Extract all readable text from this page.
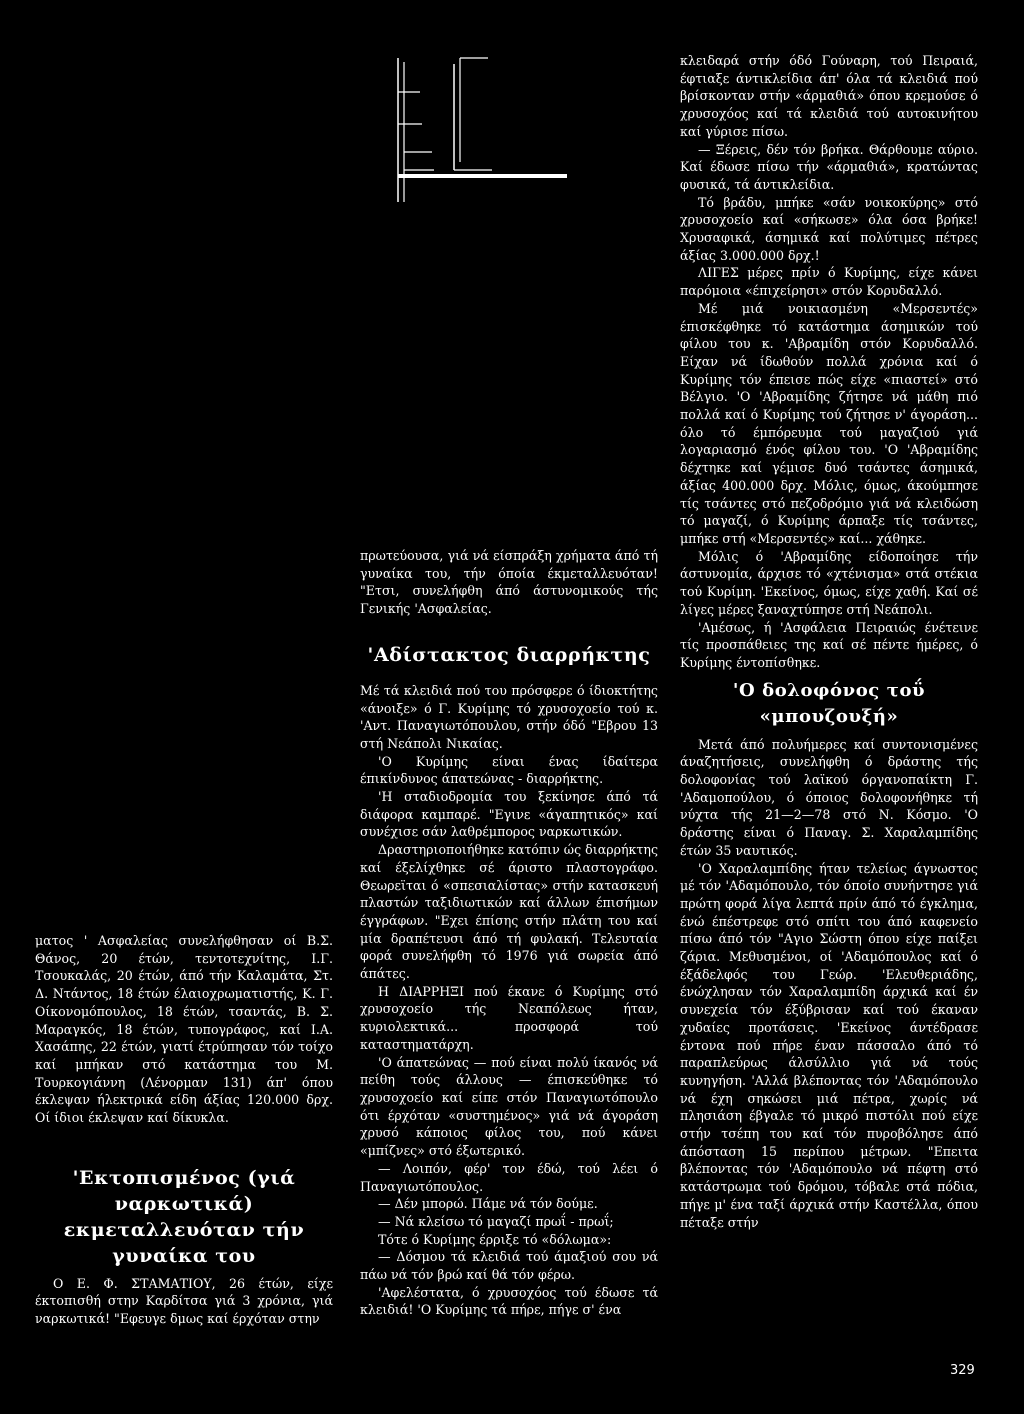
ματος ' Ασφαλείας συνελήφθησαν οί Β.Σ. Θάνος, 20 έτών, τεντοτεχνίτης, Ι.Γ. Τσουκαλάς, 20 έτών, άπό τήν Καλαμάτα, Στ. Δ. Ντάντος, 18 έτών έλαιοχρωματιστής, Κ. Γ. Οίκονομόπουλος, 18 έτών, τσαντάς, Β. Σ. Μαραγκός, 18 έτών, τυπογράφος, καί Ι.Α. Χασάπης, 22 έτών, γιατί έτρύπησαν τόν τοίχο καί μπήκαν στό κατάστημα του Μ. Τουρκογιάννη (Λένορμαν 131) άπ' όπου έκλεψαν ήλεκτρικά είδη άξίας 120.000 δρχ. Οί ίδιοι έκλεψαν καί δίκυκλα.

'Εκτοπισμένος (γιά ναρκωτικά) εκμεταλλευόταν τήν γυναίκα του

Ο Ε. Φ. ΣΤΑΜΑΤΙΟΥ, 26 έτών, είχε έκτοπισθή στην Καρδίτσα γιά 3 χρόνια, γιά ναρκωτικά! "Εφευγε δμως καί έρχόταν στην

πρωτεύουσα, γιά νά είσπράξη χρήματα άπό τή γυναίκα του, τήν όποία έκμεταλλευόταν! "Ετσι, συνελήφθη άπό άστυνομικούς τής Γενικής 'Ασφαλείας.

'Αδίστακτος διαρρήκτης

Μέ τά κλειδιά πού του πρόσφερε ό ίδιοκτήτης «άνοιξε» ό Γ. Κυρίμης τό χρυσοχοείο τού κ. 'Αντ. Παναγιωτόπουλου, στήν όδό "Εβρου 13 στή Νεάπολι Νικαίας.

'Ο Κυρίμης είναι ένας ίδαίτερα έπικίνδυνος άπατεώνας - διαρρήκτης.

'Η σταδιοδρομία του ξεκίνησε άπό τά διάφορα καμπαρέ. "Εγινε «άγαπητικός» καί συνέχισε σάν λαθρέμπορος ναρκωτικών.

Δραστηριοποιήθηκε κατόπιν ώς διαρρήκτης καί έξελίχθηκε σέ άριστο πλαστογράφο. Θεωρεϊται ό «σπεσιαλίστας» στήν κατασκευή πλαστών ταξιδιωτικών καί άλλων έπισήμων έγγράφων. "Εχει έπίσης στήν πλάτη του καί μία δραπέτευσι άπό τή φυλακή. Τελευταία φορά συνελήφθη τό 1976 γιά σωρεία άπό άπάτες.

Η ΔΙΑΡΡΗΞΙ πού έκανε ό Κυρίμης στό χρυσοχοείο τής Νεαπόλεως ήταν, κυριολεκτικά... προσφορά τού καταστηματάρχη.

'Ο άπατεώνας — πού είναι πολύ ίκανός νά πείθη τούς άλλους — έπισκεύθηκε τό χρυσοχοείο καί είπε στόν Παναγιωτόπουλο ότι έρχόταν «συστημένος» γιά νά άγοράση χρυσό κάποιος φίλος του, πού κάνει «μπίζνες» στό έξωτερικό.

— Λοιπόν, φέρ' τον έδώ, τού λέει ό Παναγιωτόπουλος.

— Δέν μπορώ. Πάμε νά τόν δούμε.

— Νά κλείσω τό μαγαζί πρωΐ - πρωΐ;

Τότε ό Κυρίμης έρριξε τό «δόλωμα»:

— Δόσμου τά κλειδιά τού άμαξιού σου νά πάω νά τόν βρώ καί θά τόν φέρω.

'Αφελέστατα, ό χρυσοχόος τού έδωσε τά κλειδιά! 'Ο Κυρίμης τά πήρε, πήγε σ' ένα

κλειδαρά στήν όδό Γούναρη, τού Πειραιά, έφτιαξε άντικλείδια άπ' όλα τά κλειδιά πού βρίσκονταν στήν «άρμαθιά» όπου κρεμούσε ό χρυσοχόος καί τά κλειδιά τού αυτοκινήτου καί γύρισε πίσω.

— Ξέρεις, δέν τόν βρήκα. Θάρθουμε αύριο. Καί έδωσε πίσω τήν «άρμαθιά», κρατώντας φυσικά, τά άντικλείδια.

Τό βράδυ, μπήκε «σάν νοικοκύρης» στό χρυσοχοείο καί «σήκωσε» όλα όσα βρήκε! Χρυσαφικά, άσημικά καί πολύτιμες πέτρες άξίας 3.000.000 δρχ.!

ΛΙΓΕΣ μέρες πρίν ό Κυρίμης, είχε κάνει παρόμοια «έπιχείρησι» στόν Κορυδαλλό.

Μέ μιά νοικιασμένη «Μερσεντές» έπισκέφθηκε τό κατάστημα άσημικών τού φίλου του κ. 'Αβραμίδη στόν Κορυδαλλό. Είχαν νά ίδωθούν πολλά χρόνια καί ό Κυρίμης τόν έπεισε πώς είχε «πιαστεί» στό Βέλγιο. 'Ο 'Αβραμίδης ζήτησε νά μάθη πιό πολλά καί ό Κυρίμης τού ζήτησε ν' άγοράση... όλο τό έμπόρευμα τού μαγαζιού γιά λογαριασμό ένός φίλου του. 'Ο 'Αβραμίδης δέχτηκε καί γέμισε δυό τσάντες άσημικά, άξίας 400.000 δρχ. Μόλις, όμως, άκούμπησε τίς τσάντες στό πεζοδρόμιο γιά νά κλειδώση τό μαγαζί, ό Κυρίμης άρπαξε τίς τσάντες, μπήκε στή «Μερσεντές» καί... χάθηκε.

Μόλις ό 'Αβραμίδης είδοποίησε τήν άστυνομία, άρχισε τό «χτένισμα» στά στέκια τού Κυρίμη. 'Εκείνος, όμως, είχε χαθή. Καί σέ λίγες μέρες ξαναχτύπησε στή Νεάπολι.

'Αμέσως, ή 'Ασφάλεια Πειραιώς ένέτεινε τίς προσπάθειες της καί σέ πέντε ήμέρες, ό Κυρίμης έντοπίσθηκε.

'Ο δολοφόνος τοΰ «μπουζουξή»

Μετά άπό πολυήμερες καί συντονισμένες άναζητήσεις, συνελήφθη ό δράστης τής δολοφονίας τού λαϊκού όργανοπαίκτη Γ. 'Αδαμοπούλου, ό όποιος δολοφονήθηκε τή νύχτα τής 21—2—78 στό Ν. Κόσμο. 'Ο δράστης είναι ό Παναγ. Σ. Χαραλαμπίδης έτών 35 ναυτικός.

'Ο Χαραλαμπίδης ήταν τελείως άγνωστος μέ τόν 'Αδαμόπουλο, τόν όποίο συνήντησε γιά πρώτη φορά λίγα λεπτά πρίν άπό τό έγκλημα, ένώ έπέστρεφε στό σπίτι του άπό καφενείο πίσω άπό τόν "Αγιο Σώστη όπου είχε παίξει ζάρια. Μεθυσμένοι, οί 'Αδαμόπουλος καί ό έξάδελφός του Γεώρ. 'Ελευθεριάδης, ένώχλησαν τόν Χαραλαμπίδη άρχικά καί έν συνεχεία τόν έξύβρισαν καί τού έκαναν χυδαίες προτάσεις. 'Εκείνος άντέδρασε έντονα πού πήρε έναν πάσσαλο άπό τό παραπλεύρως άλσύλλιο γιά νά τούς κυνηγήση. 'Αλλά βλέποντας τόν 'Αδαμόπουλο νά έχη σηκώσει μιά πέτρα, χωρίς νά πλησιάση έβγαλε τό μικρό πιστόλι πού είχε στήν τσέπη του καί τόν πυροβόλησε άπό άπόσταση 15 περίπου μέτρων. "Επειτα βλέποντας τόν 'Αδαμόπουλο νά πέφτη στό κατάστρωμα τού δρόμου, τόβαλε στά πόδια, πήγε μ' ένα ταξί άρχικά στήν Καστέλλα, όπου πέταξε στήν

329
